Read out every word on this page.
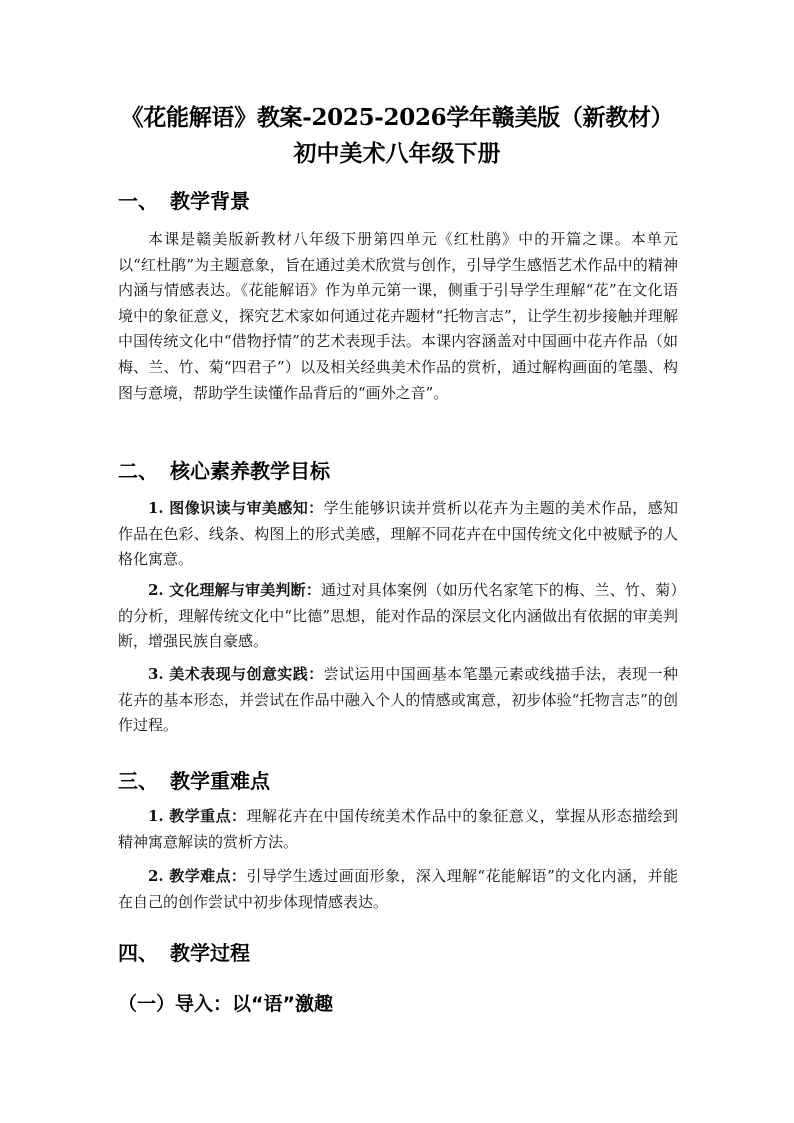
《花能解语》教案-2025-2026学年赣美版（新教材）
初中美术八年级下册
一、 教学背景

本课是赣美版新教材八年级下册第四单元《红杜鹃》中的开篇之课。本单元以“红杜鹃”为主题意象，旨在通过美术欣赏与创作，引导学生感悟艺术作品中的精神内涵与情感表达。《花能解语》作为单元第一课，侧重于引导学生理解“花”在文化语境中的象征意义，探究艺术家如何通过花卉题材“托物言志”，让学生初步接触并理解中国传统文化中“借物抒情”的艺术表现手法。本课内容涵盖对中国画中花卉作品（如梅、兰、竹、菊“四君子”）以及相关经典美术作品的赏析，通过解构画面的笔墨、构图与意境，帮助学生读懂作品背后的“画外之音”。

二、 核心素养教学目标

1. 图像识读与审美感知：学生能够识读并赏析以花卉为主题的美术作品，感知作品在色彩、线条、构图上的形式美感，理解不同花卉在中国传统文化中被赋予的人格化寓意。

2. 文化理解与审美判断：通过对具体案例（如历代名家笔下的梅、兰、竹、菊）的分析，理解传统文化中“比德”思想，能对作品的深层文化内涵做出有依据的审美判断，增强民族自豪感。

3. 美术表现与创意实践：尝试运用中国画基本笔墨元素或线描手法，表现一种花卉的基本形态，并尝试在作品中融入个人的情感或寓意，初步体验“托物言志”的创作过程。

三、 教学重难点

1. 教学重点：理解花卉在中国传统美术作品中的象征意义，掌握从形态描绘到精神寓意解读的赏析方法。

2. 教学难点：引导学生透过画面形象，深入理解“花能解语”的文化内涵，并能在自己的创作尝试中初步体现情感表达。

四、 教学过程
（一）导入：以“语”激趣
